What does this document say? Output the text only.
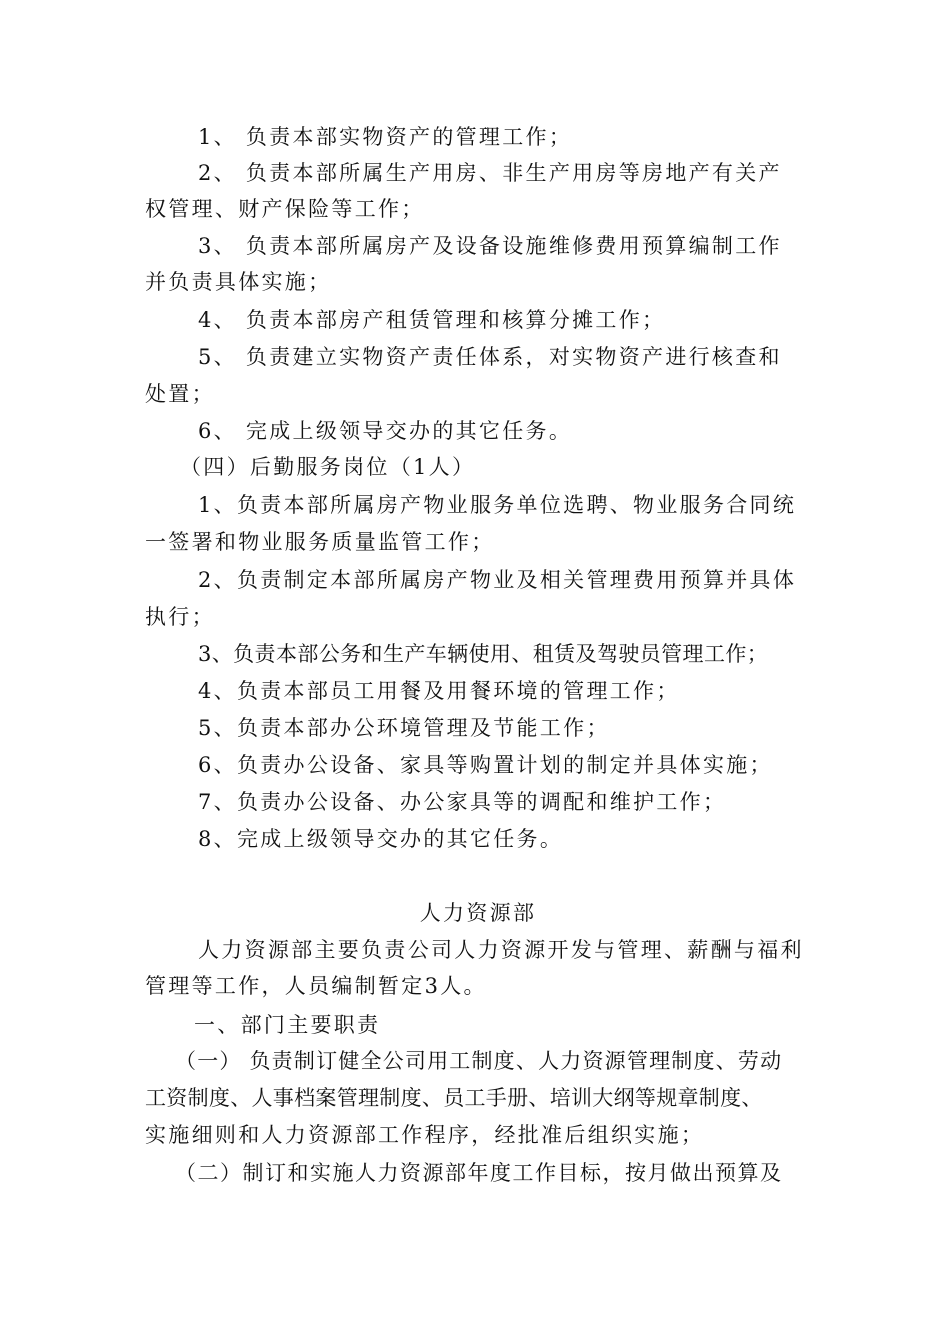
1、 负责本部实物资产的管理工作；
2、 负责本部所属生产用房、非生产用房等房地产有关产
权管理、财产保险等工作；
3、 负责本部所属房产及设备设施维修费用预算编制工作
并负责具体实施；
4、 负责本部房产租赁管理和核算分摊工作；
5、 负责建立实物资产责任体系，对实物资产进行核查和
处置；
6、 完成上级领导交办的其它任务。
（四）后勤服务岗位（1人）
1、负责本部所属房产物业服务单位选聘、物业服务合同统
一签署和物业服务质量监管工作；
2、负责制定本部所属房产物业及相关管理费用预算并具体
执行；
3、负责本部公务和生产车辆使用、租赁及驾驶员管理工作；
4、负责本部员工用餐及用餐环境的管理工作；
5、负责本部办公环境管理及节能工作；
6、负责办公设备、家具等购置计划的制定并具体实施；
7、负责办公设备、办公家具等的调配和维护工作；
8、完成上级领导交办的其它任务。
人力资源部
人力资源部主要负责公司人力资源开发与管理、薪酬与福利
管理等工作，人员编制暂定3人。
一、部门主要职责
（一） 负责制订健全公司用工制度、人力资源管理制度、劳动
工资制度、人事档案管理制度、员工手册、培训大纲等规章制度、
实施细则和人力资源部工作程序，经批准后组织实施；
（二）制订和实施人力资源部年度工作目标，按月做出预算及
